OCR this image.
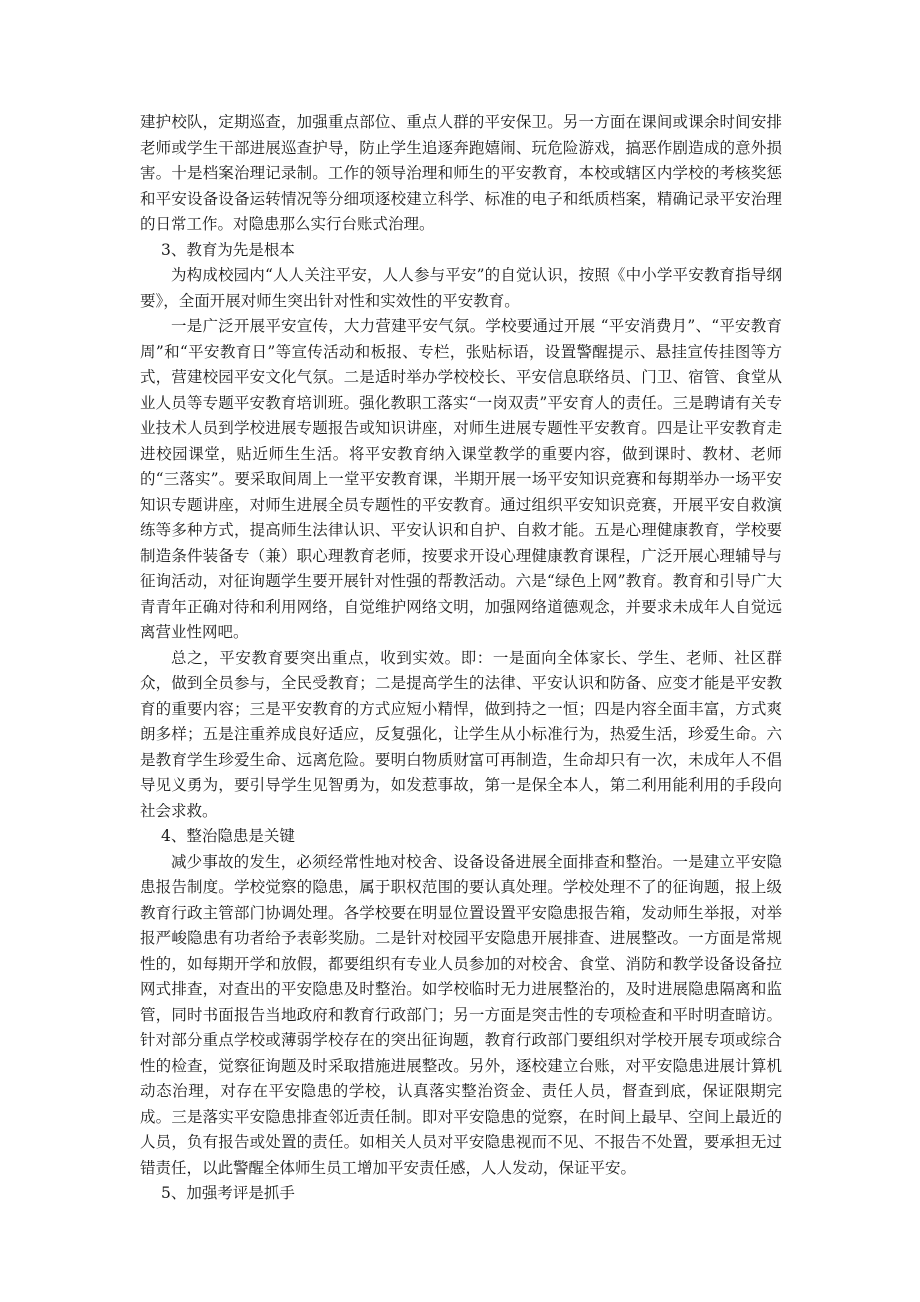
建护校队，定期巡查，加强重点部位、重点人群的平安保卫。另一方面在课间或课余时间安排老师或学生干部进展巡查护导，防止学生追逐奔跑嬉闹、玩危险游戏，搞恶作剧造成的意外损害。十是档案治理记录制。工作的领导治理和师生的平安教育，本校或辖区内学校的考核奖惩和平安设备设备运转情况等分细项逐校建立科学、标准的电子和纸质档案，精确记录平安治理的日常工作。对隐患那么实行台账式治理。

3、教育为先是根本

为构成校园内“人人关注平安，人人参与平安”的自觉认识，按照《中小学平安教育指导纲要》，全面开展对师生突出针对性和实效性的平安教育。

一是广泛开展平安宣传，大力营建平安气氛。学校要通过开展 “平安消费月”、“平安教育周”和“平安教育日”等宣传活动和板报、专栏，张贴标语，设置警醒提示、悬挂宣传挂图等方式，营建校园平安文化气氛。二是适时举办学校校长、平安信息联络员、门卫、宿管、食堂从业人员等专题平安教育培训班。强化教职工落实“一岗双责”平安育人的责任。三是聘请有关专业技术人员到学校进展专题报告或知识讲座，对师生进展专题性平安教育。四是让平安教育走进校园课堂，贴近师生生活。将平安教育纳入课堂教学的重要内容，做到课时、教材、老师的“三落实”。要采取间周上一堂平安教育课，半期开展一场平安知识竞赛和每期举办一场平安知识专题讲座，对师生进展全员专题性的平安教育。通过组织平安知识竞赛，开展平安自救演练等多种方式，提高师生法律认识、平安认识和自护、自救才能。五是心理健康教育，学校要制造条件装备专（兼）职心理教育老师，按要求开设心理健康教育课程，广泛开展心理辅导与征询活动，对征询题学生要开展针对性强的帮教活动。六是“绿色上网”教育。教育和引导广大青青年正确对待和利用网络，自觉维护网络文明，加强网络道德观念，并要求未成年人自觉远离营业性网吧。

总之，平安教育要突出重点，收到实效。即：一是面向全体家长、学生、老师、社区群众，做到全员参与，全民受教育；二是提高学生的法律、平安认识和防备、应变才能是平安教育的重要内容；三是平安教育的方式应短小精悍，做到持之一恒；四是内容全面丰富，方式爽朗多样；五是注重养成良好适应，反复强化，让学生从小标准行为，热爱生活，珍爱生命。六是教育学生珍爱生命、远离危险。要明白物质财富可再制造，生命却只有一次，未成年人不倡导见义勇为，要引导学生见智勇为，如发惹事故，第一是保全本人，第二利用能利用的手段向社会求救。

4、整治隐患是关键

减少事故的发生，必须经常性地对校舍、设备设备进展全面排查和整治。一是建立平安隐患报告制度。学校觉察的隐患，属于职权范围的要认真处理。学校处理不了的征询题，报上级教育行政主管部门协调处理。各学校要在明显位置设置平安隐患报告箱，发动师生举报，对举报严峻隐患有功者给予表彰奖励。二是针对校园平安隐患开展排查、进展整改。一方面是常规性的，如每期开学和放假，都要组织有专业人员参加的对校舍、食堂、消防和教学设备设备拉网式排查，对查出的平安隐患及时整治。如学校临时无力进展整治的，及时进展隐患隔离和监管，同时书面报告当地政府和教育行政部门；另一方面是突击性的专项检查和平时明查暗访。针对部分重点学校或薄弱学校存在的突出征询题，教育行政部门要组织对学校开展专项或综合性的检查，觉察征询题及时采取措施进展整改。另外，逐校建立台账，对平安隐患进展计算机动态治理，对存在平安隐患的学校，认真落实整治资金、责任人员，督查到底，保证限期完成。三是落实平安隐患排查邻近责任制。即对平安隐患的觉察，在时间上最早、空间上最近的人员，负有报告或处置的责任。如相关人员对平安隐患视而不见、不报告不处置，要承担无过错责任，以此警醒全体师生员工增加平安责任感，人人发动，保证平安。

5、加强考评是抓手
